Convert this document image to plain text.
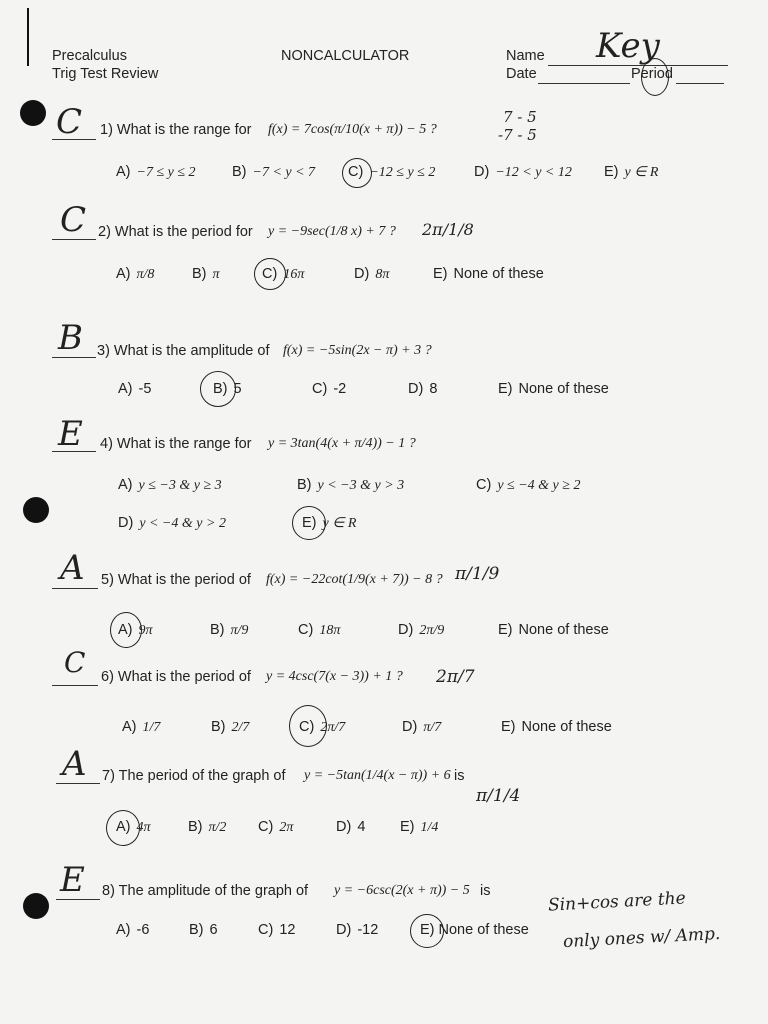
Precalculus
Trig Test Review
NONCALCULATOR	Name Key
Date	Period
C 1) What is the range for f(x) = 7cos(π/10(x + π)) − 5 ?
7 - 5
-7 - 5
A) −7 ≤ y ≤ 2	B) −7 < y < 7 C) −12 ≤ y ≤ 2	D) −12 < y < 12 E) y ∈ R
C 2) What is the period for y = −9sec(1/8 x) + 7 ? 2π/1/8
A) π/8	B) π	C) 16π	D) 8π	E) None of these
B 3) What is the amplitude of f(x) = −5sin(2x − π) + 3 ?
A) -5	B) 5	C) -2	D) 8	E) None of these
E 4) What is the range for y = 3tan(4(x + π/4)) − 1 ?
A) y ≤ −3 & y ≥ 3	B) y < −3 & y > 3	C) y ≤ −4 & y ≥ 2
D) y < −4 & y > 2	E) y ∈ R
A 5) What is the period of f(x) = −22cot(1/9(x + 7)) − 8 ? π/1/9
A) 9π	B) π/9	C) 18π	D) 2π/9	E) None of these
C 6) What is the period of y = 4csc(7(x − 3)) + 1 ? 2π/7
A) 1/7	B) 2/7	C) 2π/7	D) π/7	E) None of these
A 7) The period of the graph of y = −5tan(1/4(x − π)) + 6 is
π/1/4
A) 4π	B) π/2 C) 2π	D) 4 E) 1/4
E 8) The amplitude of the graph of y = −6csc(2(x + π)) − 5 is
A) -6	B) 6	C) 12	D) -12	E) None of these
Sin+cos are the
only ones w/ Amp.
